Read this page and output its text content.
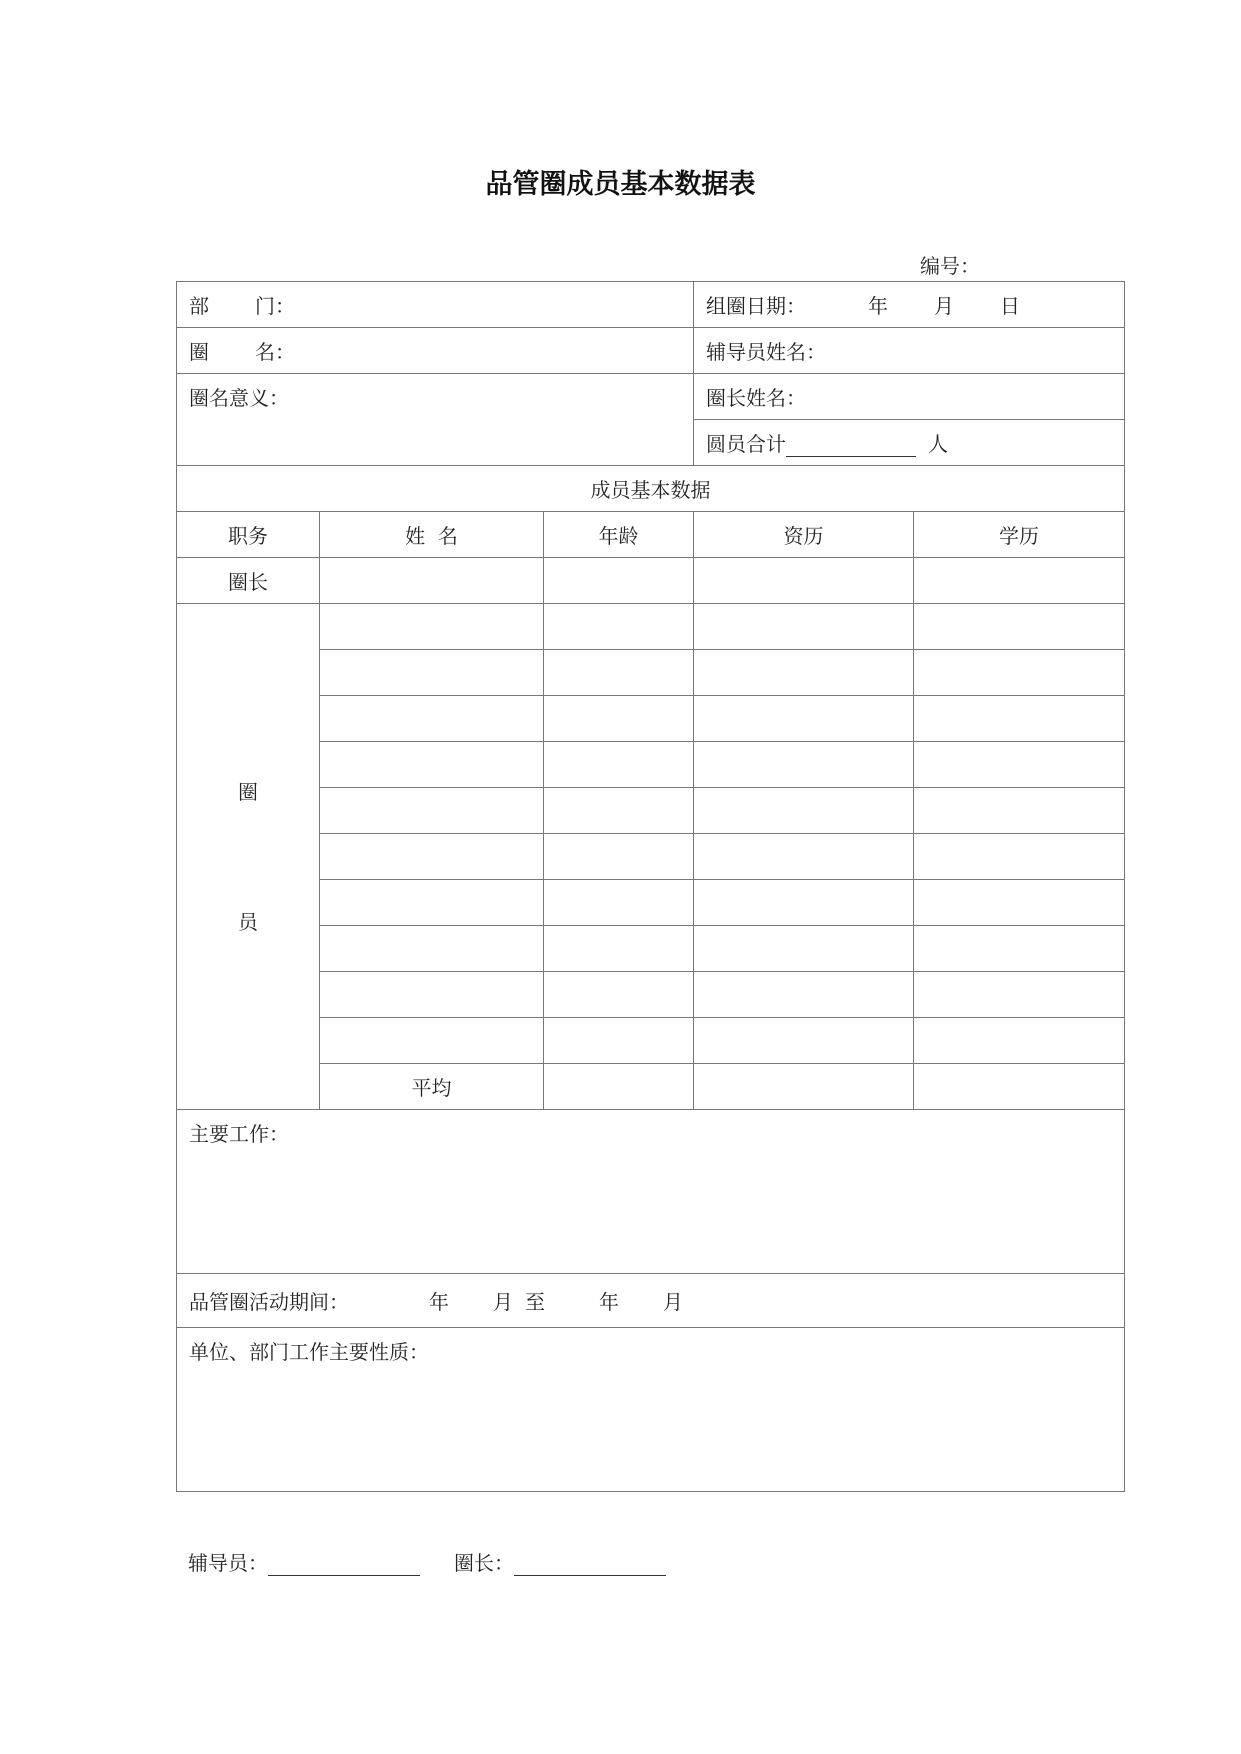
品管圈成员基本数据表
编号：
部 门：			组圈日期： 年 月 日	
圈 名：			辅导员姓名：	
圈名意义：			圈长姓名：	
			圆员合计 人	
成员基本数据				
职务	姓  名	年龄	资历	学历
圈长				

圈
员				

	平均			
主要工作：				
品管圈活动期间： 年 月 至 年 月				
单位、部门工作主要性质：				
辅导员：	圈长：
